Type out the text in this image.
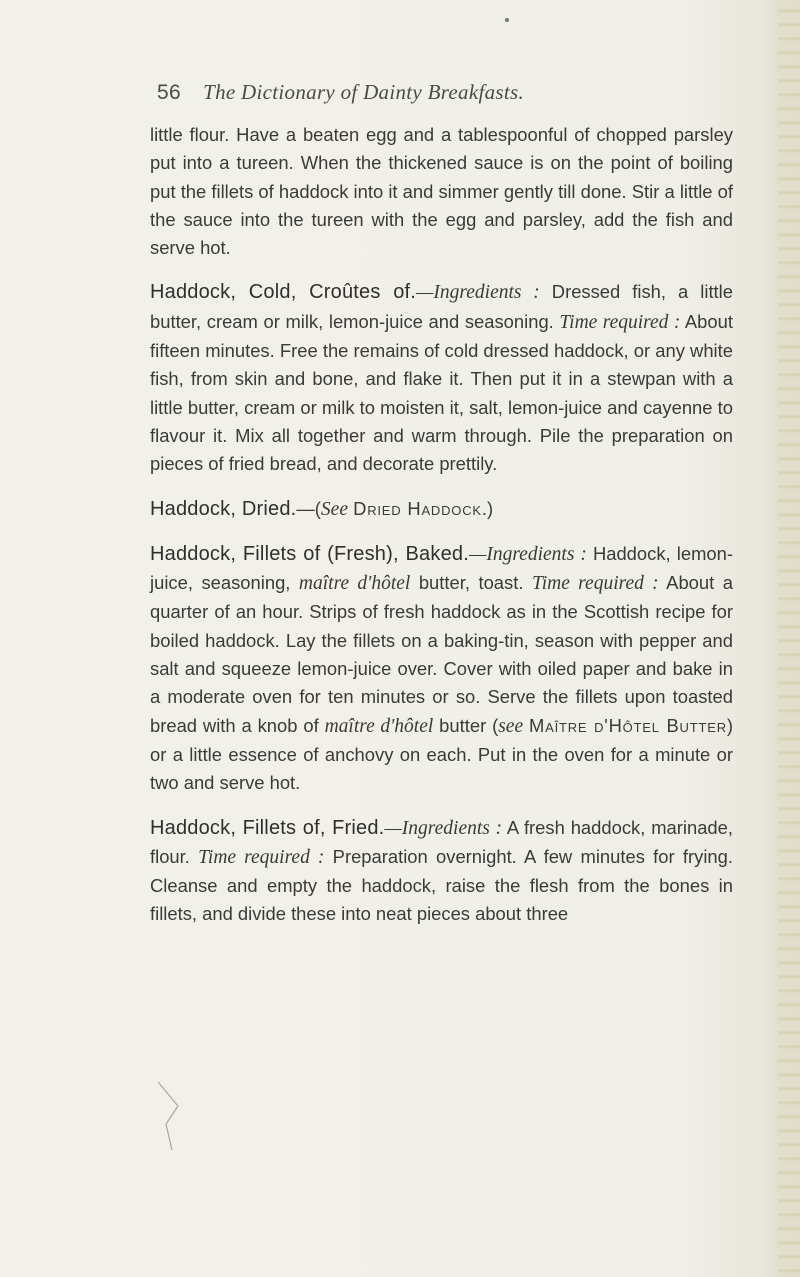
56 The Dictionary of Dainty Breakfasts.

little flour. Have a beaten egg and a tablespoonful of chopped parsley put into a tureen. When the thickened sauce is on the point of boiling put the fillets of haddock into it and simmer gently till done. Stir a little of the sauce into the tureen with the egg and parsley, add the fish and serve hot.

Haddock, Cold, Croûtes of.—Ingredients : Dressed fish, a little butter, cream or milk, lemon-juice and seasoning. Time required : About fifteen minutes. Free the remains of cold dressed haddock, or any white fish, from skin and bone, and flake it. Then put it in a stewpan with a little butter, cream or milk to moisten it, salt, lemon-juice and cayenne to flavour it. Mix all together and warm through. Pile the preparation on pieces of fried bread, and decorate prettily.

Haddock, Dried.—(See Dried Haddock.)

Haddock, Fillets of (Fresh), Baked.—Ingredients : Haddock, lemon-juice, seasoning, maître d'hôtel butter, toast. Time required : About a quarter of an hour. Strips of fresh haddock as in the Scottish recipe for boiled haddock. Lay the fillets on a baking-tin, season with pepper and salt and squeeze lemon-juice over. Cover with oiled paper and bake in a moderate oven for ten minutes or so. Serve the fillets upon toasted bread with a knob of maître d'hôtel butter (see Maître d'Hôtel Butter) or a little essence of anchovy on each. Put in the oven for a minute or two and serve hot.

Haddock, Fillets of, Fried.—Ingredients : A fresh haddock, marinade, flour. Time required : Preparation overnight. A few minutes for frying. Cleanse and empty the haddock, raise the flesh from the bones in fillets, and divide these into neat pieces about three
